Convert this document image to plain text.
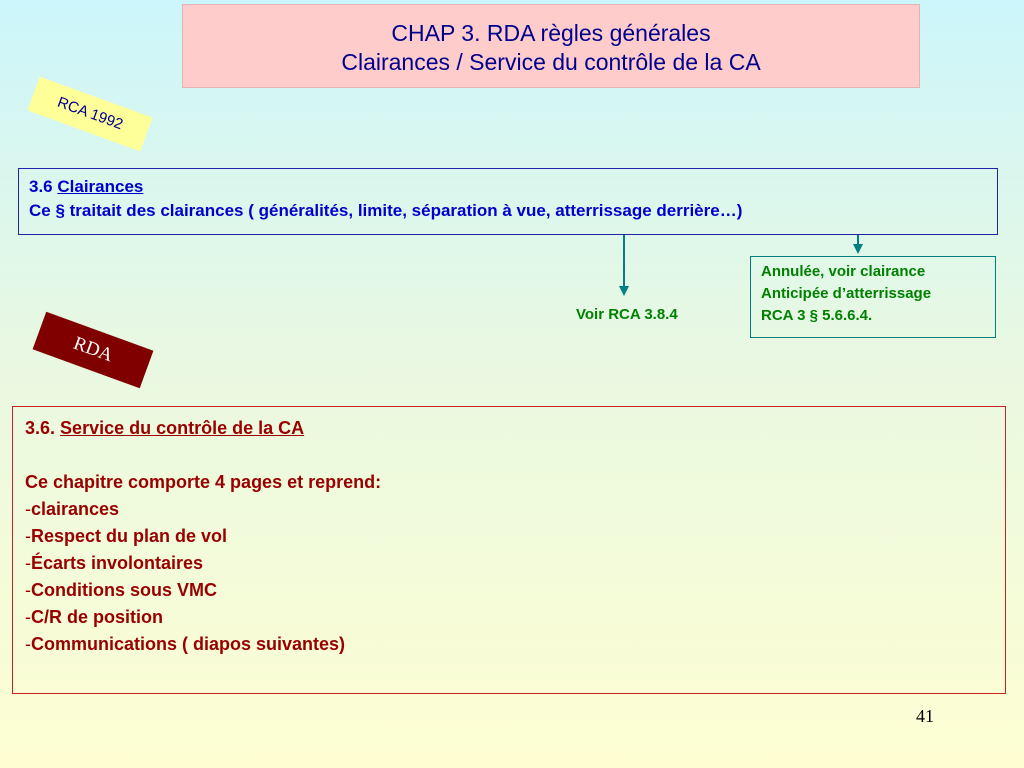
CHAP 3. RDA règles générales
Clairances / Service du contrôle de la CA
RCA 1992
3.6 Clairances
Ce § traitait des clairances ( généralités, limite, séparation à vue, atterrissage derrière…)
Voir RCA 3.8.4
Annulée, voir clairance
Anticipée d’atterrissage
RCA 3 § 5.6.6.4.
RDA
3.6. Service du contrôle de la CA
Ce chapitre comporte 4 pages et reprend:
-clairances
-Respect du plan de vol
-Écarts involontaires
-Conditions sous VMC
-C/R de position
-Communications ( diapos suivantes)
41
